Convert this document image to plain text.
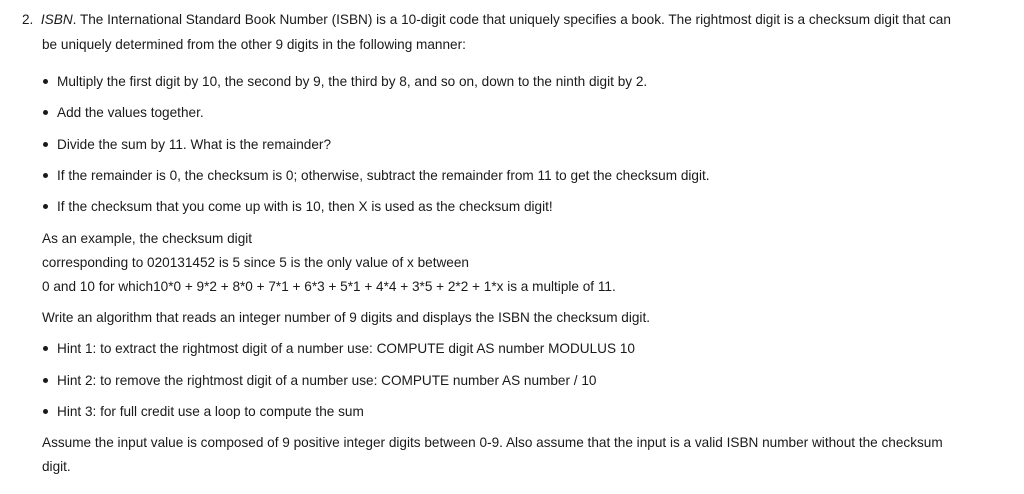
2. ISBN. The International Standard Book Number (ISBN) is a 10-digit code that uniquely specifies a book. The rightmost digit is a checksum digit that can
be uniquely determined from the other 9 digits in the following manner:
Multiply the first digit by 10, the second by 9, the third by 8, and so on, down to the ninth digit by 2.
Add the values together.
Divide the sum by 11. What is the remainder?
If the remainder is 0, the checksum is 0; otherwise, subtract the remainder from 11 to get the checksum digit.
If the checksum that you come up with is 10, then X is used as the checksum digit!
As an example, the checksum digit
corresponding to 020131452 is 5 since 5 is the only value of x between
0 and 10 for which10*0 + 9*2 + 8*0 + 7*1 + 6*3 + 5*1 + 4*4 + 3*5 + 2*2 + 1*x is a multiple of 11.
Write an algorithm that reads an integer number of 9 digits and displays the ISBN the checksum digit.
Hint 1: to extract the rightmost digit of a number use: COMPUTE digit AS number MODULUS 10
Hint 2: to remove the rightmost digit of a number use: COMPUTE number AS number / 10
Hint 3: for full credit use a loop to compute the sum
Assume the input value is composed of 9 positive integer digits between 0-9. Also assume that the input is a valid ISBN number without the checksum
digit.
